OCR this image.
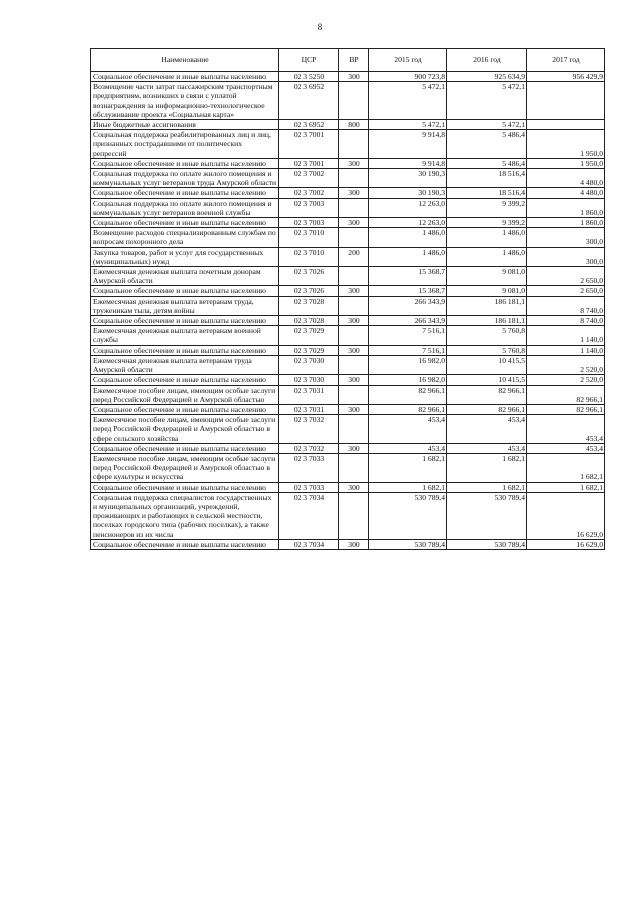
8
Наименование	ЦСР	ВР	2015 год	2016 год	2017 год
Социальное обеспечение и иные выплаты населению	02 3 5250	300	900 723,8	925 634,9	956 429,9
Возмещение части затрат пассажирским транспортным предприятиям, возникших в связи с уплатой вознаграждения за информационно-технологическое обслуживание проекта «Социальная карта»	02 3 6952		5 472,1	5 472,1	
Иные бюджетные ассигнования	02 3 6952	800	5 472,1	5 472,1	
Социальная поддержка реабилитированных лиц и лиц, признанных пострадавшими от политических репрессий	02 3 7001		9 914,8	5 486,4	1 950,0
Социальное обеспечение и иные выплаты населению	02 3 7001	300	9 914,8	5 486,4	1 950,0
Социальная поддержка по оплате жилого помещения и коммунальных услуг ветеранов труда Амурской области	02 3 7002		30 190,3	18 516,4	4 480,0
Социальное обеспечение и иные выплаты населению	02 3 7002	300	30 190,3	18 516,4	4 480,0
Социальная поддержка по оплате жилого помещения и коммунальных услуг ветеранов военной службы	02 3 7003		12 263,0	9 399,2	1 860,0
Социальное обеспечение и иные выплаты населению	02 3 7003	300	12 263,0	9 399,2	1 860,0
Возмещение расходов специализированным службам по вопросам похоронного дела	02 3 7010		1 486,0	1 486,0	300,0
Закупка товаров, работ и услуг для государственных (муниципальных) нужд	02 3 7010	200	1 486,0	1 486,0	300,0
Ежемесячная денежная выплата почетным донорам Амурской области	02 3 7026		15 368,7	9 081,0	2 650,0
Социальное обеспечение и иные выплаты населению	02 3 7026	300	15 368,7	9 081,0	2 650,0
Ежемесячная денежная выплата ветеранам труда, труженикам тыла, детям войны	02 3 7028		266 343,9	186 181,1	8 740,0
Социальное обеспечение и иные выплаты населению	02 3 7028	300	266 343,9	186 181,1	8 740,0
Ежемесячная денежная выплата ветеранам военной службы	02 3 7029		7 516,1	5 760,8	1 140,0
Социальное обеспечение и иные выплаты населению	02 3 7029	300	7 516,1	5 760,8	1 140,0
Ежемесячная денежная выплата ветеранам труда Амурской области	02 3 7030		16 982,0	10 415,5	2 520,0
Социальное обеспечение и иные выплаты населению	02 3 7030	300	16 982,0	10 415,5	2 520,0
Ежемесячное пособие лицам, имеющим особые заслуги перед Российской Федерацией и Амурской областью	02 3 7031		82 966,1	82 966,1	82 966,1
Социальное обеспечение и иные выплаты населению	02 3 7031	300	82 966,1	82 966,1	82 966,1
Ежемесячное пособие лицам, имеющим особые заслуги перед Российской Федерацией и Амурской областью в сфере сельского хозяйства	02 3 7032		453,4	453,4	453,4
Социальное обеспечение и иные выплаты населению	02 3 7032	300	453,4	453,4	453,4
Ежемесячное пособие лицам, имеющим особые заслуги перед Российской Федерацией и Амурской областью в сфере культуры и искусства	02 3 7033		1 682,1	1 682,1	1 682,1
Социальное обеспечение и иные выплаты населению	02 3 7033	300	1 682,1	1 682,1	1 682,1
Социальная поддержка специалистов государственных и муниципальных организаций, учреждений, проживающих и работающих в сельской местности, поселках городского типа (рабочих поселках), а также пенсионеров из их числа	02 3 7034		530 789,4	530 789,4	16 629,0
Социальное обеспечение и иные выплаты населению	02 3 7034	300	530 789,4	530 789,4	16 629,0
